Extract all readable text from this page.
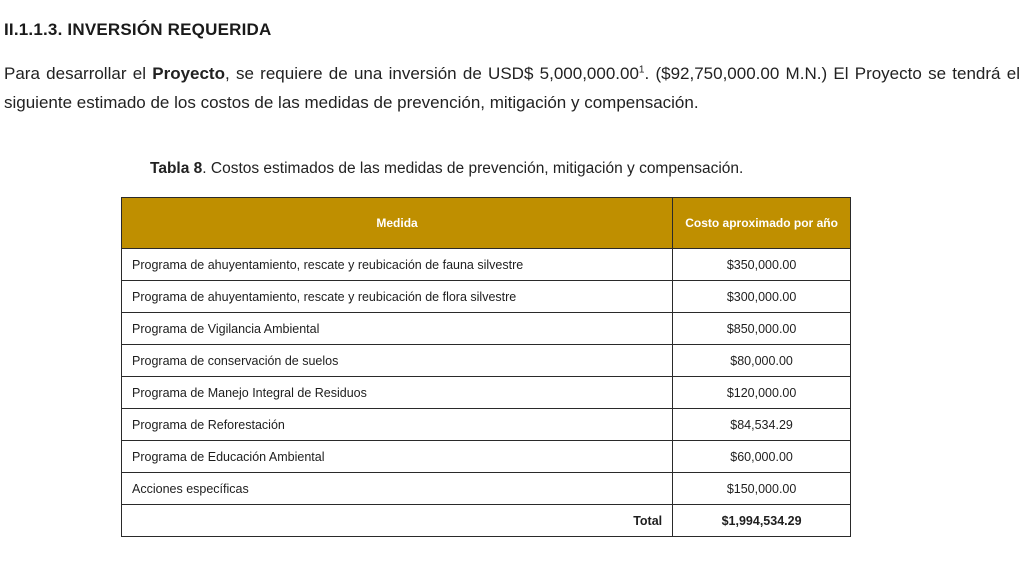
II.1.1.3. INVERSIÓN REQUERIDA

Para desarrollar el Proyecto, se requiere de una inversión de USD$ 5,000,000.00$^1$. ($92,750,000.00 M.N.) El Proyecto se tendrá el siguiente estimado de los costos de las medidas de prevención, mitigación y compensación.

Tabla 8. Costos estimados de las medidas de prevención, mitigación y compensación.

Medida	Costo aproximado por año
Programa de ahuyentamiento, rescate y reubicación de fauna silvestre	$350,000.00
Programa de ahuyentamiento, rescate y reubicación de flora silvestre	$300,000.00
Programa de Vigilancia Ambiental	$850,000.00
Programa de conservación de suelos	$80,000.00
Programa de Manejo Integral de Residuos	$120,000.00
Programa de Reforestación	$84,534.29
Programa de Educación Ambiental	$60,000.00
Acciones específicas	$150,000.00
Total	$1,994,534.29
